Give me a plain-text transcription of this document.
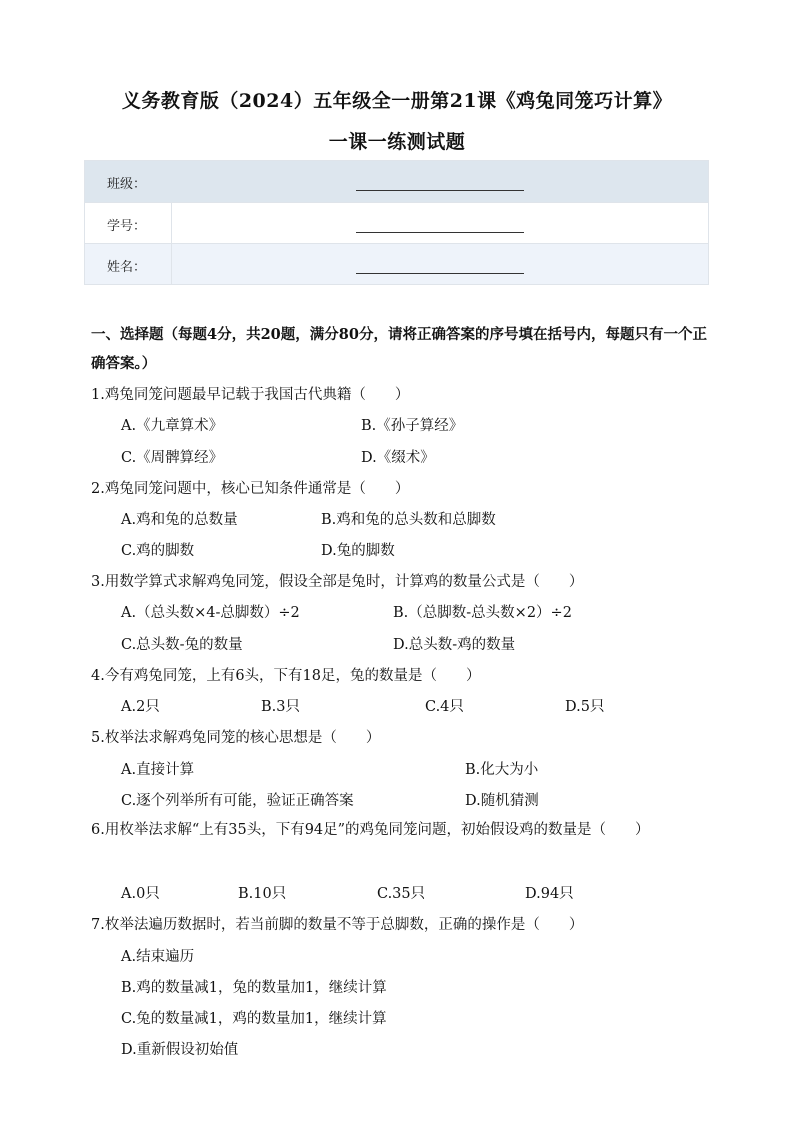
义务教育版（2024）五年级全一册第21课《鸡兔同笼巧计算》
一课一练测试题
班级：
学号：
姓名：
一、选择题（每题4分，共20题，满分80分，请将正确答案的序号填在括号内，每题只有一个正确答案。）
1.鸡兔同笼问题最早记载于我国古代典籍（　　）
A.《九章算术》	B.《孙子算经》
C.《周髀算经》	D.《缀术》
2.鸡兔同笼问题中，核心已知条件通常是（　　）
A.鸡和兔的总数量	B.鸡和兔的总头数和总脚数
C.鸡的脚数	D.兔的脚数
3.用数学算式求解鸡兔同笼，假设全部是兔时，计算鸡的数量公式是（　　）
A.（总头数×4-总脚数）÷2	B.（总脚数-总头数×2）÷2
C.总头数-兔的数量	D.总头数-鸡的数量
4.今有鸡兔同笼，上有6头，下有18足，兔的数量是（　　）
A.2只	B.3只	C.4只	D.5只
5.枚举法求解鸡兔同笼的核心思想是（　　）
A.直接计算	B.化大为小
C.逐个列举所有可能，验证正确答案	D.随机猜测
6.用枚举法求解“上有35头，下有94足”的鸡兔同笼问题，初始假设鸡的数量是（　　）
A.0只	B.10只	C.35只	D.94只
7.枚举法遍历数据时，若当前脚的数量不等于总脚数，正确的操作是（　　）
A.结束遍历
B.鸡的数量减1，兔的数量加1，继续计算
C.兔的数量减1，鸡的数量加1，继续计算
D.重新假设初始值
